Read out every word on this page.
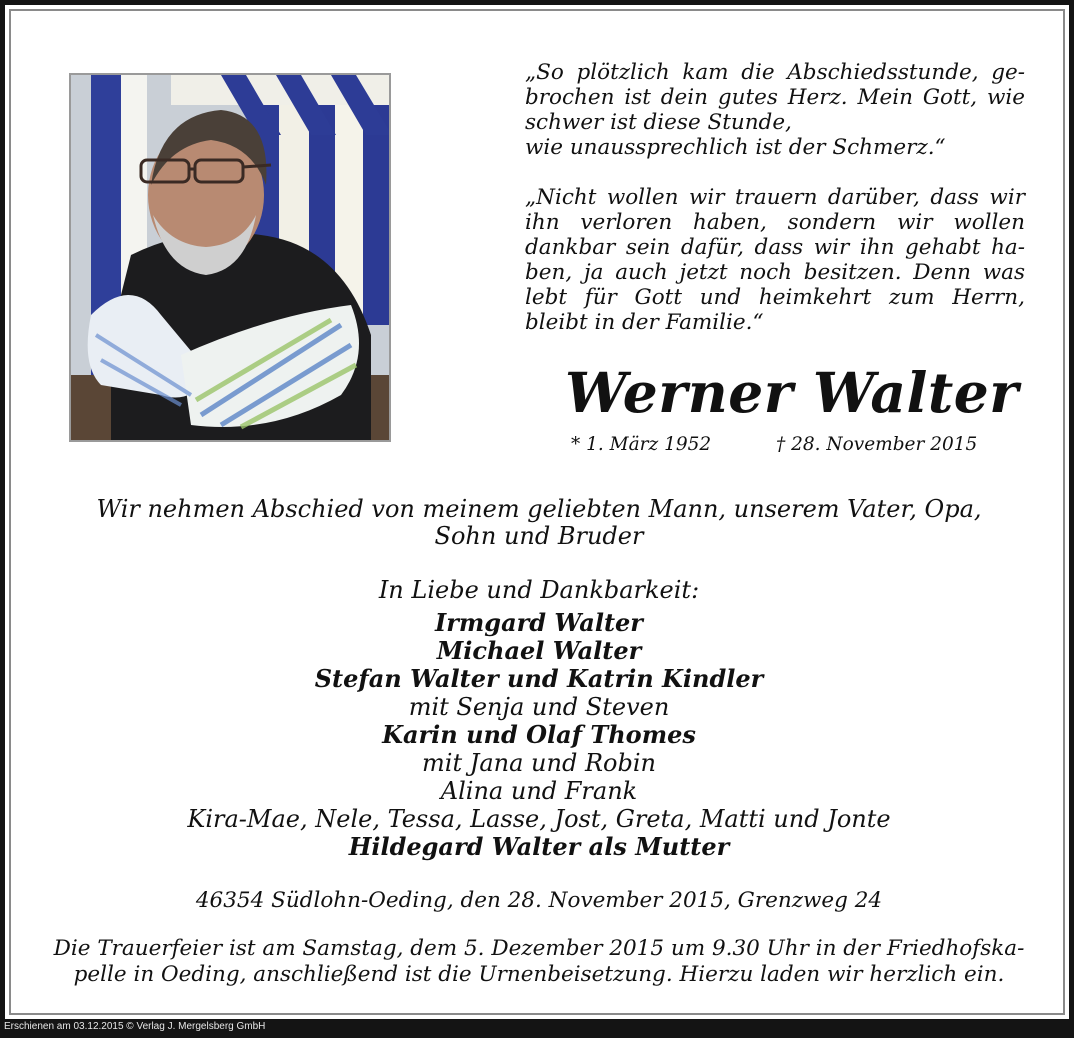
„So plötzlich kam die Abschiedsstunde, ge-
brochen ist dein gutes Herz. Mein Gott, wie
schwer ist diese Stunde,
wie unaussprechlich ist der Schmerz.“
„Nicht wollen wir trauern darüber, dass wir
ihn verloren haben, sondern wir wollen
dankbar sein dafür, dass wir ihn gehabt ha-
ben, ja auch jetzt noch besitzen. Denn was
lebt für Gott und heimkehrt zum Herrn,
bleibt in der Familie.“
Werner Walter
* 1. März 1952	† 28. November 2015
Wir nehmen Abschied von meinem geliebten Mann, unserem Vater, Opa,
Sohn und Bruder
In Liebe und Dankbarkeit:
Irmgard Walter
Michael Walter
Stefan Walter und Katrin Kindler
mit Senja und Steven
Karin und Olaf Thomes
mit Jana und Robin
Alina und Frank
Kira-Mae, Nele, Tessa, Lasse, Jost, Greta, Matti und Jonte
Hildegard Walter als Mutter
46354 Südlohn-Oeding, den 28. November 2015, Grenzweg 24
Die Trauerfeier ist am Samstag, dem 5. Dezember 2015 um 9.30 Uhr in der Friedhofska-
pelle in Oeding, anschließend ist die Urnenbeisetzung. Hierzu laden wir herzlich ein.
Erschienen am 03.12.2015 © Verlag J. Mergelsberg GmbH
